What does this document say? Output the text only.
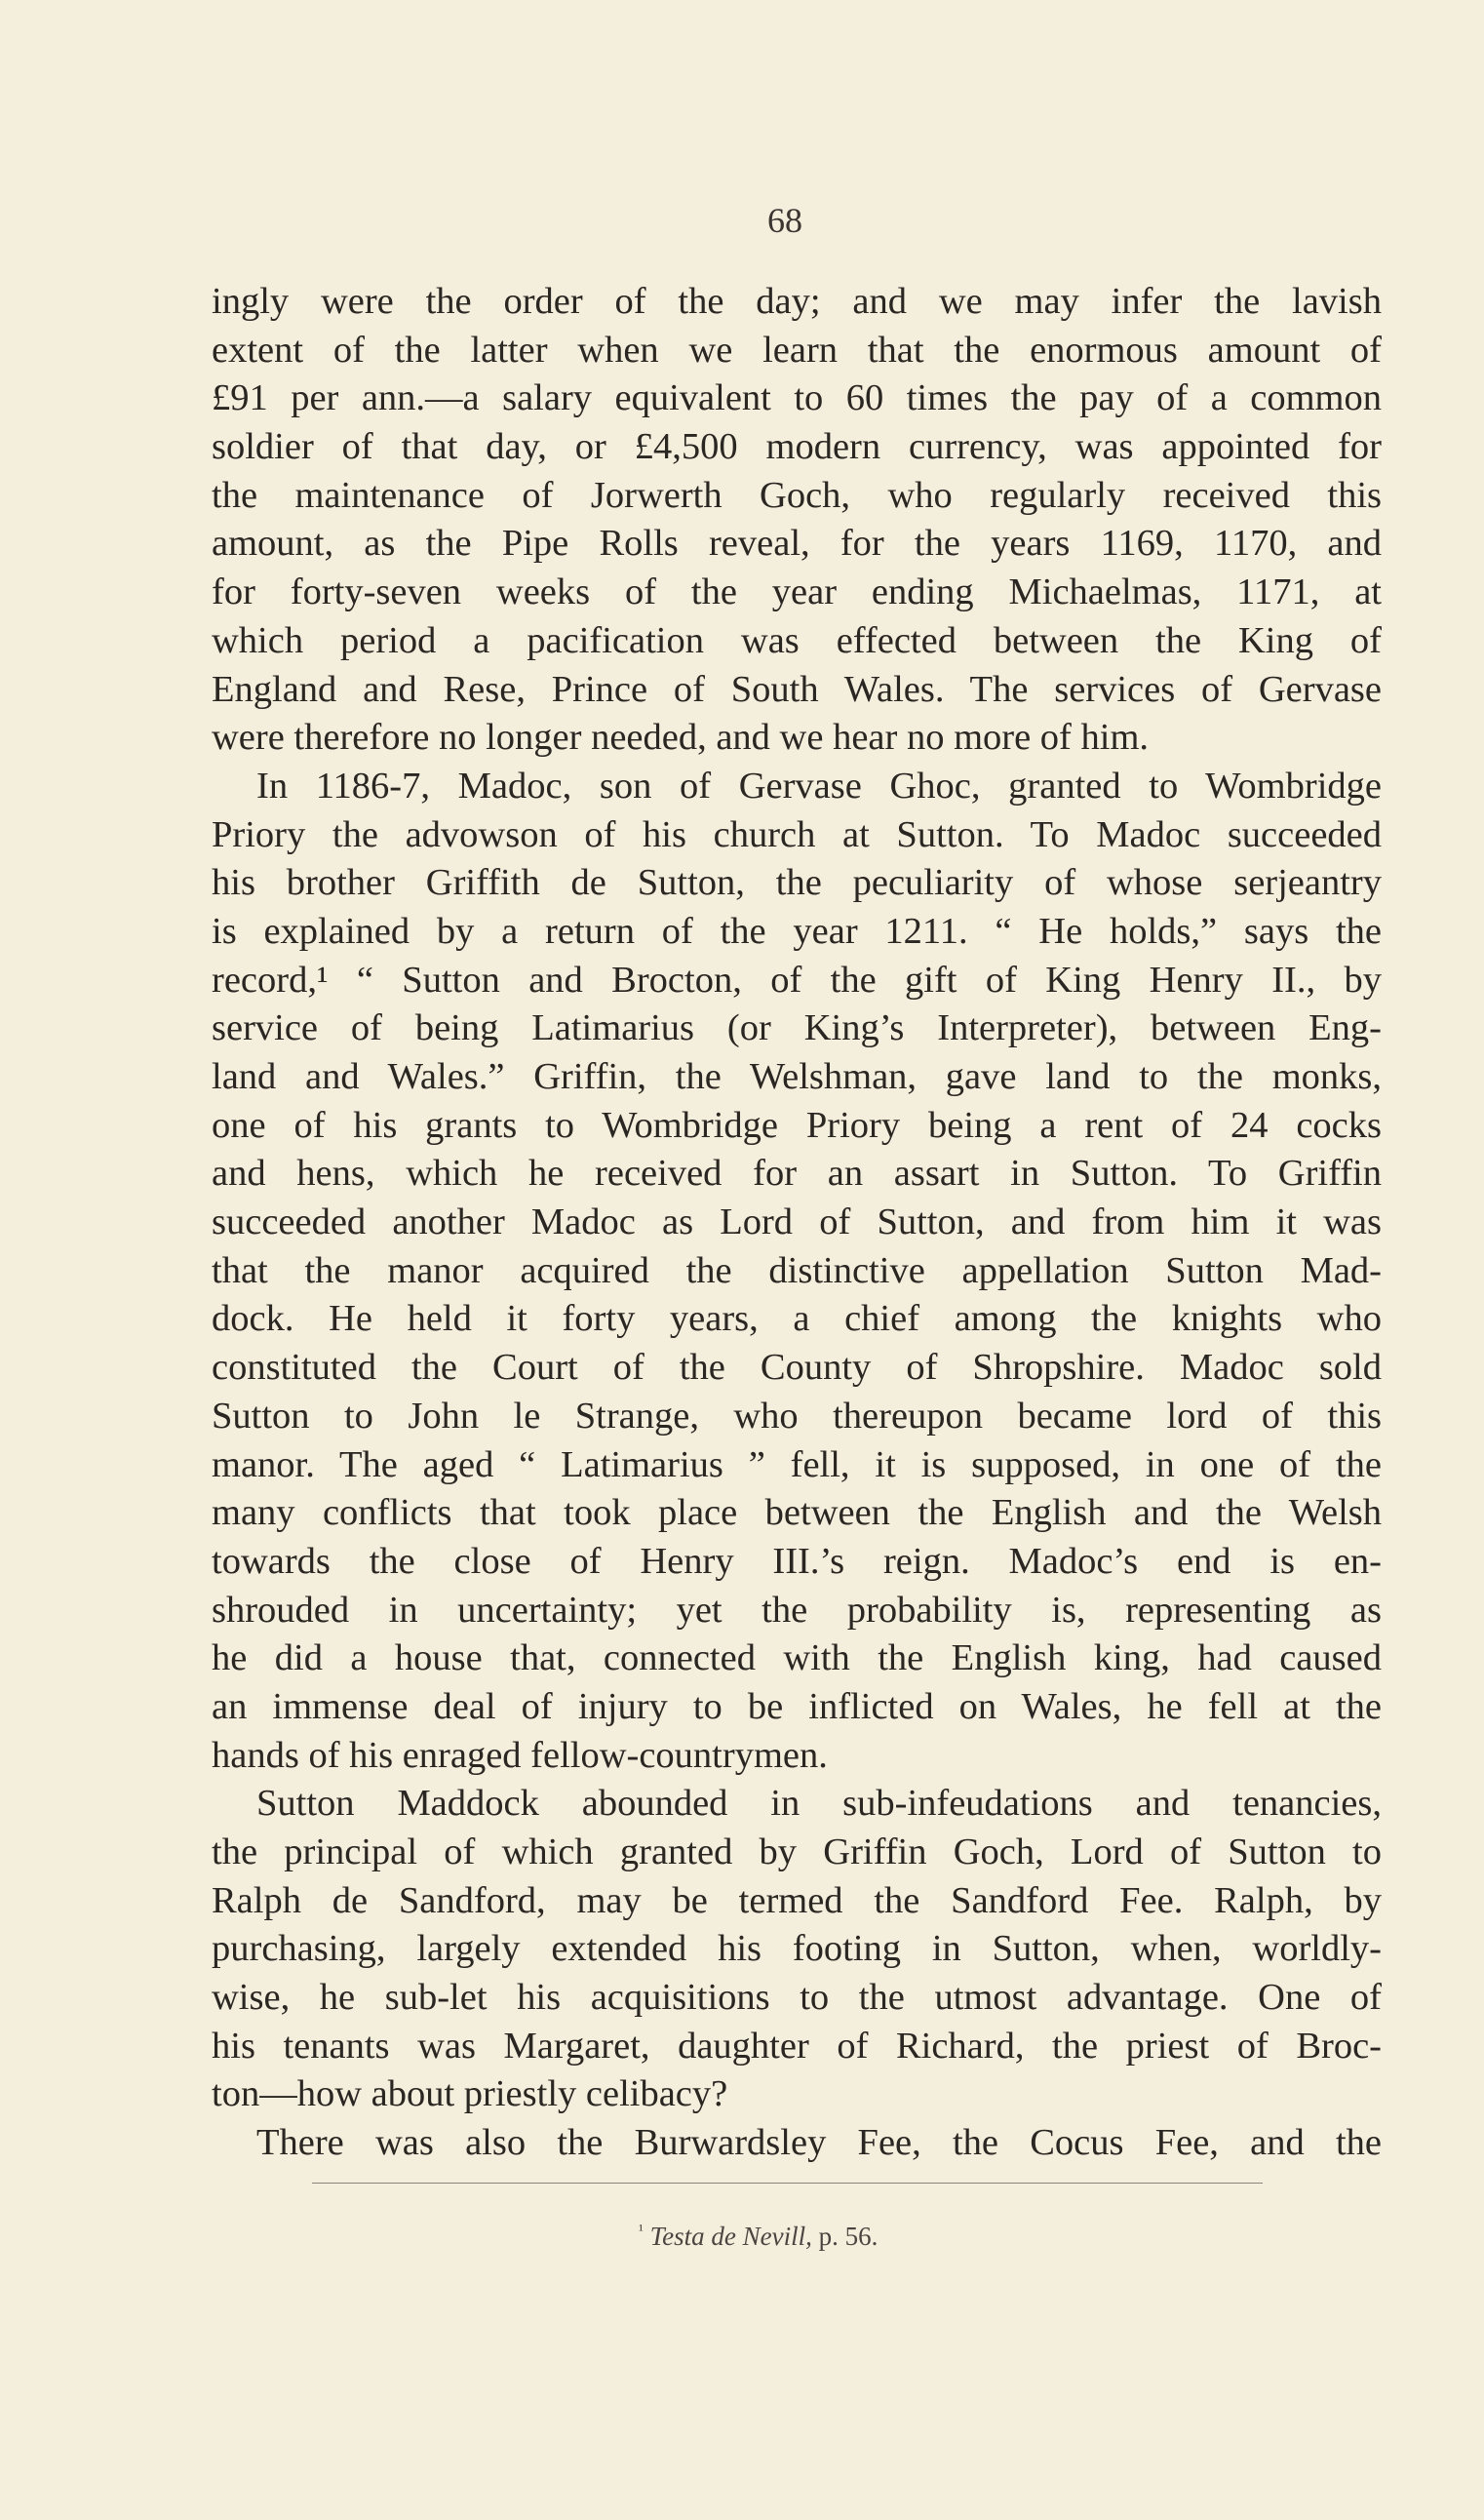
68
ingly were the order of the day; and we may infer the lavish
extent of the latter when we learn that the enormous amount of
£91 per ann.—a salary equivalent to 60 times the pay of a common
soldier of that day, or £4,500 modern currency, was appointed for
the maintenance of Jorwerth Goch, who regularly received this
amount, as the Pipe Rolls reveal, for the years 1169, 1170, and
for forty-seven weeks of the year ending Michaelmas, 1171, at
which period a pacification was effected between the King of
England and Rese, Prince of South Wales. The services of Gervase
were therefore no longer needed, and we hear no more of him.
In 1186-7, Madoc, son of Gervase Ghoc, granted to Wombridge
Priory the advowson of his church at Sutton. To Madoc succeeded
his brother Griffith de Sutton, the peculiarity of whose serjeantry
is explained by a return of the year 1211. “ He holds,” says the
record,¹ “ Sutton and Brocton, of the gift of King Henry II., by
service of being Latimarius (or King’s Interpreter), between Eng-
land and Wales.” Griffin, the Welshman, gave land to the monks,
one of his grants to Wombridge Priory being a rent of 24 cocks
and hens, which he received for an assart in Sutton. To Griffin
succeeded another Madoc as Lord of Sutton, and from him it was
that the manor acquired the distinctive appellation Sutton Mad-
dock. He held it forty years, a chief among the knights who
constituted the Court of the County of Shropshire. Madoc sold
Sutton to John le Strange, who thereupon became lord of this
manor. The aged “ Latimarius ” fell, it is supposed, in one of the
many conflicts that took place between the English and the Welsh
towards the close of Henry III.’s reign. Madoc’s end is en-
shrouded in uncertainty; yet the probability is, representing as
he did a house that, connected with the English king, had caused
an immense deal of injury to be inflicted on Wales, he fell at the
hands of his enraged fellow-countrymen.
Sutton Maddock abounded in sub-infeudations and tenancies,
the principal of which granted by Griffin Goch, Lord of Sutton to
Ralph de Sandford, may be termed the Sandford Fee. Ralph, by
purchasing, largely extended his footing in Sutton, when, worldly-
wise, he sub-let his acquisitions to the utmost advantage. One of
his tenants was Margaret, daughter of Richard, the priest of Broc-
ton—how about priestly celibacy?
There was also the Burwardsley Fee, the Cocus Fee, and the
$^{^1}$ Testa de Nevill, p. 56.
